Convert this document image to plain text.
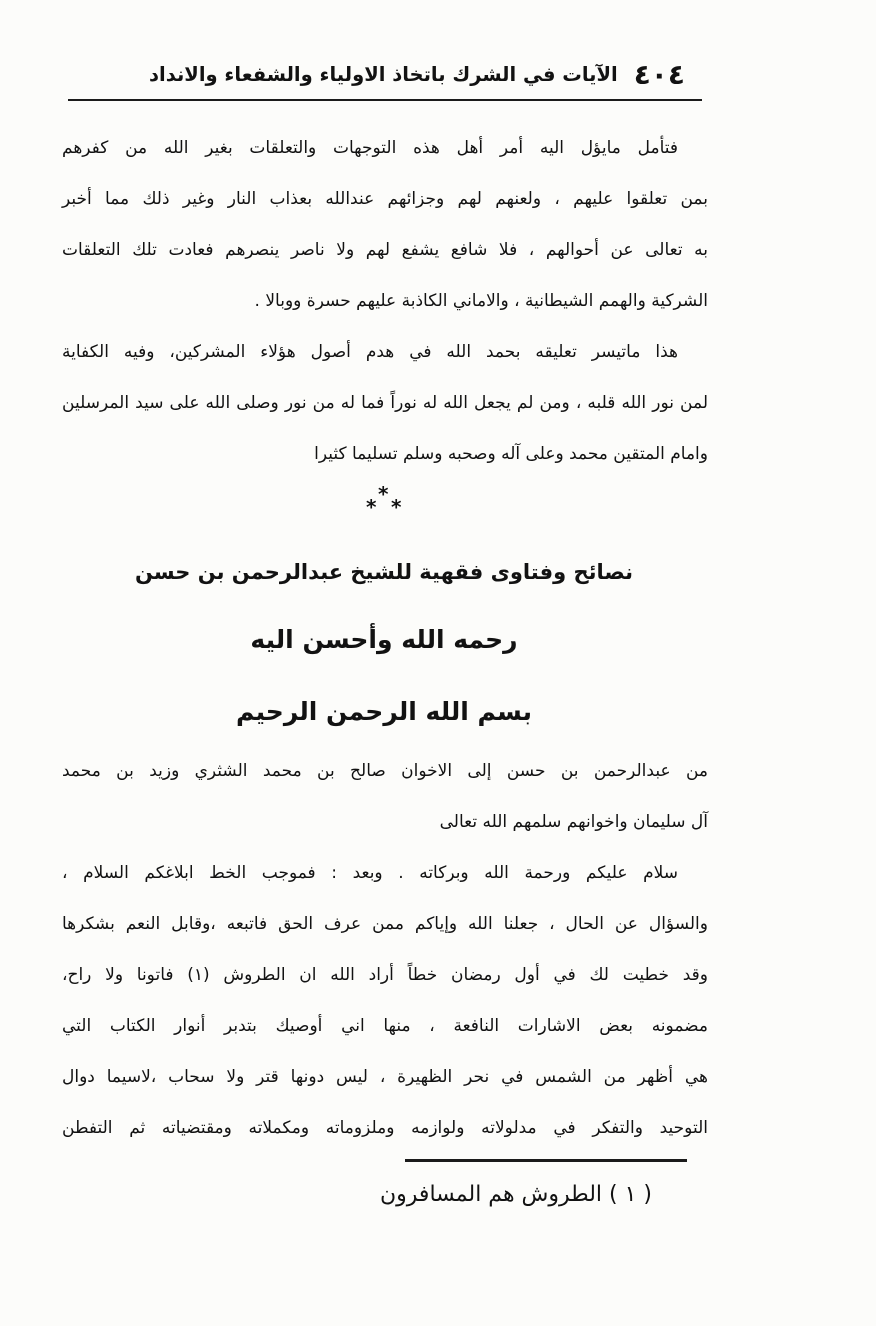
٤٠٤
الآيات في الشرك باتخاذ الاولياء والشفعاء والانداد
فتأمل مايؤل اليه أمر أهل هذه التوجهات والتعلقات بغير الله من كفرهم
بمن تعلقوا عليهم ، ولعنهم لهم وجزائهم عندالله بعذاب النار وغير ذلك مما أخبر
به تعالى عن أحوالهم ، فلا شافع يشفع لهم ولا ناصر ينصرهم فعادت تلك التعلقات
الشركية والهمم الشيطانية ، والاماني الكاذبة عليهم حسرة ووبالا .
هذا ماتيسر تعليقه بحمد الله في هدم أصول هؤلاء المشركين، وفيه الكفاية
لمن نور الله قلبه ، ومن لم يجعل الله له نوراً فما له من نور وصلى الله على سيد المرسلين
وامام المتقين محمد وعلى آله وصحبه وسلم تسليما كثيرا
*
* *
نصائح وفتاوى فقهية للشيخ عبدالرحمن بن حسن
رحمه الله وأحسن اليه
بسم الله الرحمن الرحيم
من عبدالرحمن بن حسن إلى الاخوان صالح بن محمد الشثري وزيد بن محمد
آل سليمان واخوانهم سلمهم الله تعالى
سلام عليكم ورحمة الله وبركاته . وبعد : فموجب الخط ابلاغكم السلام ،
والسؤال عن الحال ، جعلنا الله وإياكم ممن عرف الحق فاتبعه ،وقابل النعم بشكرها
وقد خطيت لك في أول رمضان خطاً أراد الله ان الطروش (١) فاتونا ولا راح،
مضمونه بعض الاشارات النافعة ، منها اني أوصيك بتدبر أنوار الكتاب التي
هي أظهر من الشمس في نحر الظهيرة ، ليس دونها قتر ولا سحاب ،لاسيما دوال
التوحيد والتفكر في مدلولاته ولوازمه وملزوماته ومكملاته ومقتضياته ثم التفطن
( ١ ) الطروش هم المسافرون
